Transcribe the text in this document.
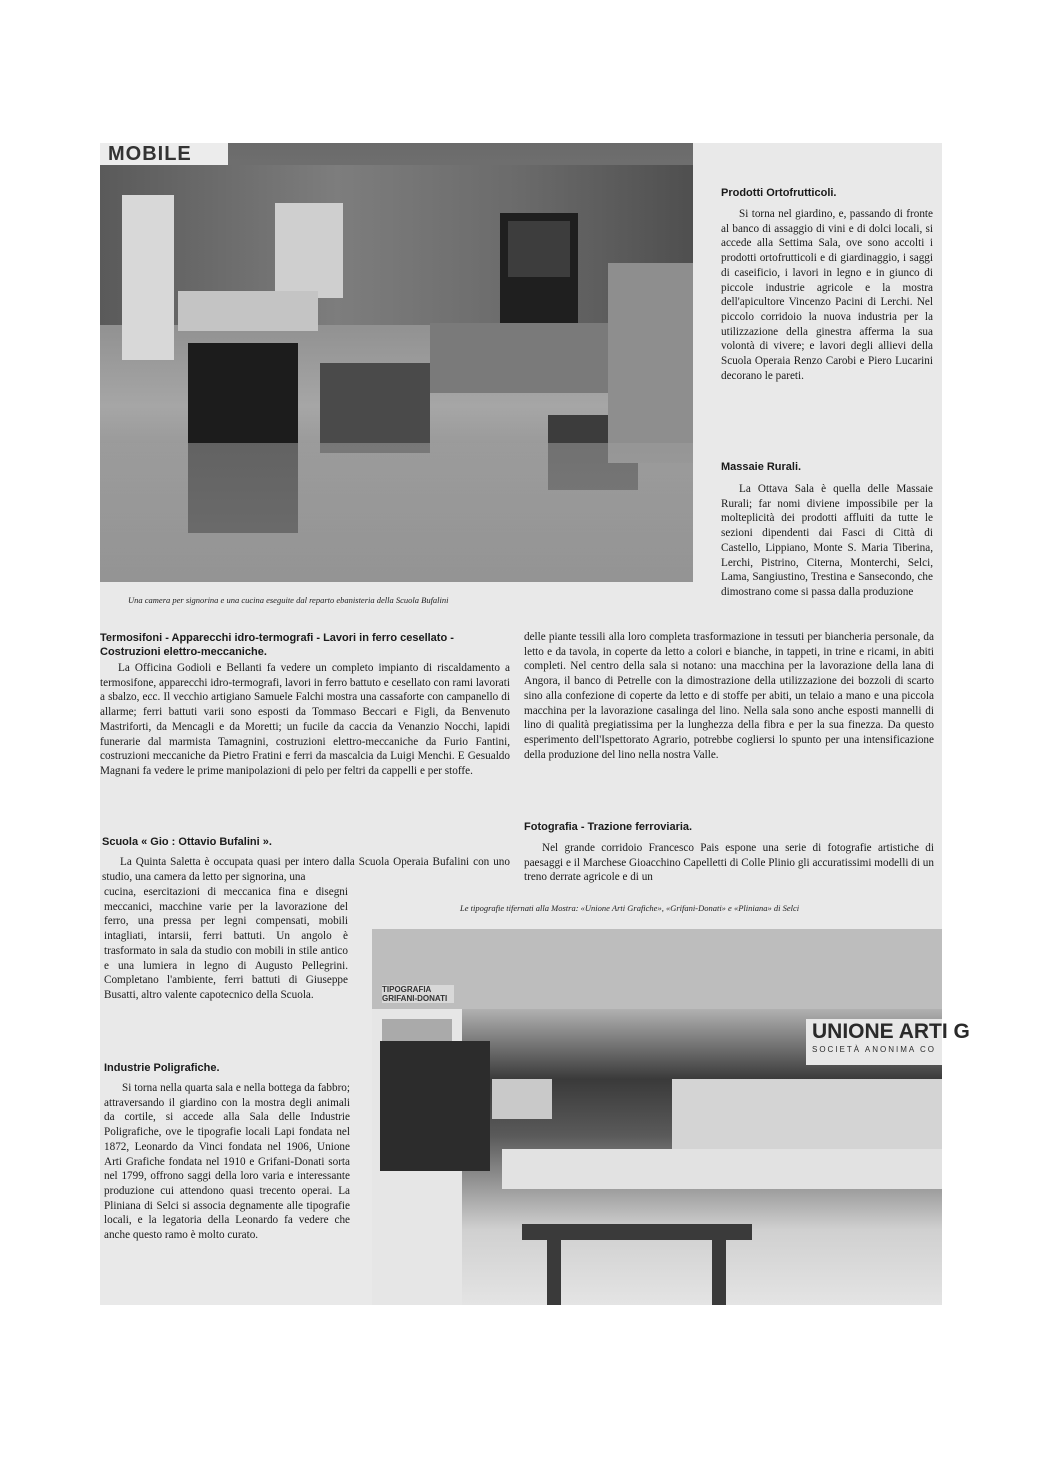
MOBILE
Una camera per signorina e una cucina eseguite dal reparto ebanisteria della Scuola Bufalini
Prodotti Ortofrutticoli.

Si torna nel giardino, e, passando di fronte al banco di assaggio di vini e di dolci locali, si accede alla Settima Sala, ove sono accolti i prodotti ortofrutticoli e di giardinaggio, i saggi di caseificio, i lavori in legno e in giunco di piccole industrie agricole e la mostra dell'apicultore Vincenzo Pacini di Lerchi. Nel piccolo corridoio la nuova industria per la utilizzazione della ginestra afferma la sua volontà di vivere; e lavori degli allievi della Scuola Operaia Renzo Carobi e Piero Lucarini decorano le pareti.

Massaie Rurali.

La Ottava Sala è quella delle Massaie Rurali; far nomi diviene impossibile per la molteplicità dei prodotti affluiti da tutte le sezioni dipendenti dai Fasci di Città di Castello, Lippiano, Monte S. Maria Tiberina, Lerchi, Pistrino, Citerna, Monterchi, Selci, Lama, Sangiustino, Trestina e Sansecondo, che dimostrano come si passa dalla produzione

delle piante tessili alla loro completa trasformazione in tessuti per biancheria personale, da letto e da tavola, in coperte da letto a colori e bianche, in tappeti, in trine e ricami, in abiti completi. Nel centro della sala si notano: una macchina per la lavorazione della lana di Angora, il banco di Petrelle con la dimostrazione della utilizzazione dei bozzoli di scarto sino alla confezione di coperte da letto e di stoffe per abiti, un telaio a mano e una piccola macchina per la lavorazione casalinga del lino. Nella sala sono anche esposti mannelli di lino di qualità pregiatissima per la lunghezza della fibra e per la sua finezza. Da questo esperimento dell'Ispettorato Agrario, potrebbe cogliersi lo spunto per una intensificazione della produzione del lino nella nostra Valle.

Termosifoni - Apparecchi idro-termografi - Lavori in ferro cesellato - Costruzioni elettro-meccaniche.

La Officina Godioli e Bellanti fa vedere un completo impianto di riscaldamento a termosifone, apparecchi idro-termografi, lavori in ferro battuto e cesellato con rami lavorati a sbalzo, ecc. Il vecchio artigiano Samuele Falchi mostra una cassaforte con campanello di allarme; ferri battuti varii sono esposti da Tommaso Beccari e Figli, da Benvenuto Mastriforti, da Mencagli e da Moretti; un fucile da caccia da Venanzio Nocchi, lapidi funerarie dal marmista Tamagnini, costruzioni elettro-meccaniche da Furio Fantini, costruzioni meccaniche da Pietro Fratini e ferri da mascalcia da Luigi Menchi. E Gesualdo Magnani fa vedere le prime manipolazioni di pelo per feltri da cappelli e per stoffe.

Fotografia - Trazione ferroviaria.

Nel grande corridoio Francesco Pais espone una serie di fotografie artistiche di paesaggi e il Marchese Gioacchino Capelletti di Colle Plinio gli accuratissimi modelli di un treno derrate agricole e di un

Scuola « Gio : Ottavio Bufalini ».

La Quinta Saletta è occupata quasi per intero dalla Scuola Operaia Bufalini con uno studio, una camera da letto per signorina, una

cucina, esercitazioni di meccanica fina e disegni meccanici, macchine varie per la lavorazione del ferro, una pressa per legni compensati, mobili intagliati, intarsii, ferri battuti. Un angolo è trasformato in sala da studio con mobili in stile antico e una lumiera in legno di Augusto Pellegrini. Completano l'ambiente, ferri battuti di Giuseppe Busatti, altro valente capotecnico della Scuola.

Le tipografie tifernati alla Mostra: «Unione Arti Grafiche», «Grifani-Donati» e «Pliniana» di Selci
Industrie Poligrafiche.

Si torna nella quarta sala e nella bottega da fabbro; attraversando il giardino con la mostra degli animali da cortile, si accede alla Sala delle Industrie Poligrafiche, ove le tipografie locali Lapi fondata nel 1872, Leonardo da Vinci fondata nel 1906, Unione Arti Grafiche fondata nel 1910 e Grifani-Donati sorta nel 1799, offrono saggi della loro varia e interessante produzione cui attendono quasi trecento operai. La Pliniana di Selci si associa degnamente alle tipografie locali, e la legatoria della Leonardo fa vedere che anche questo ramo è molto curato.

TIPOGRAFIA GRIFANI-DONATI
UNIONE ARTI G
SOCIETÀ ANONIMA CO
